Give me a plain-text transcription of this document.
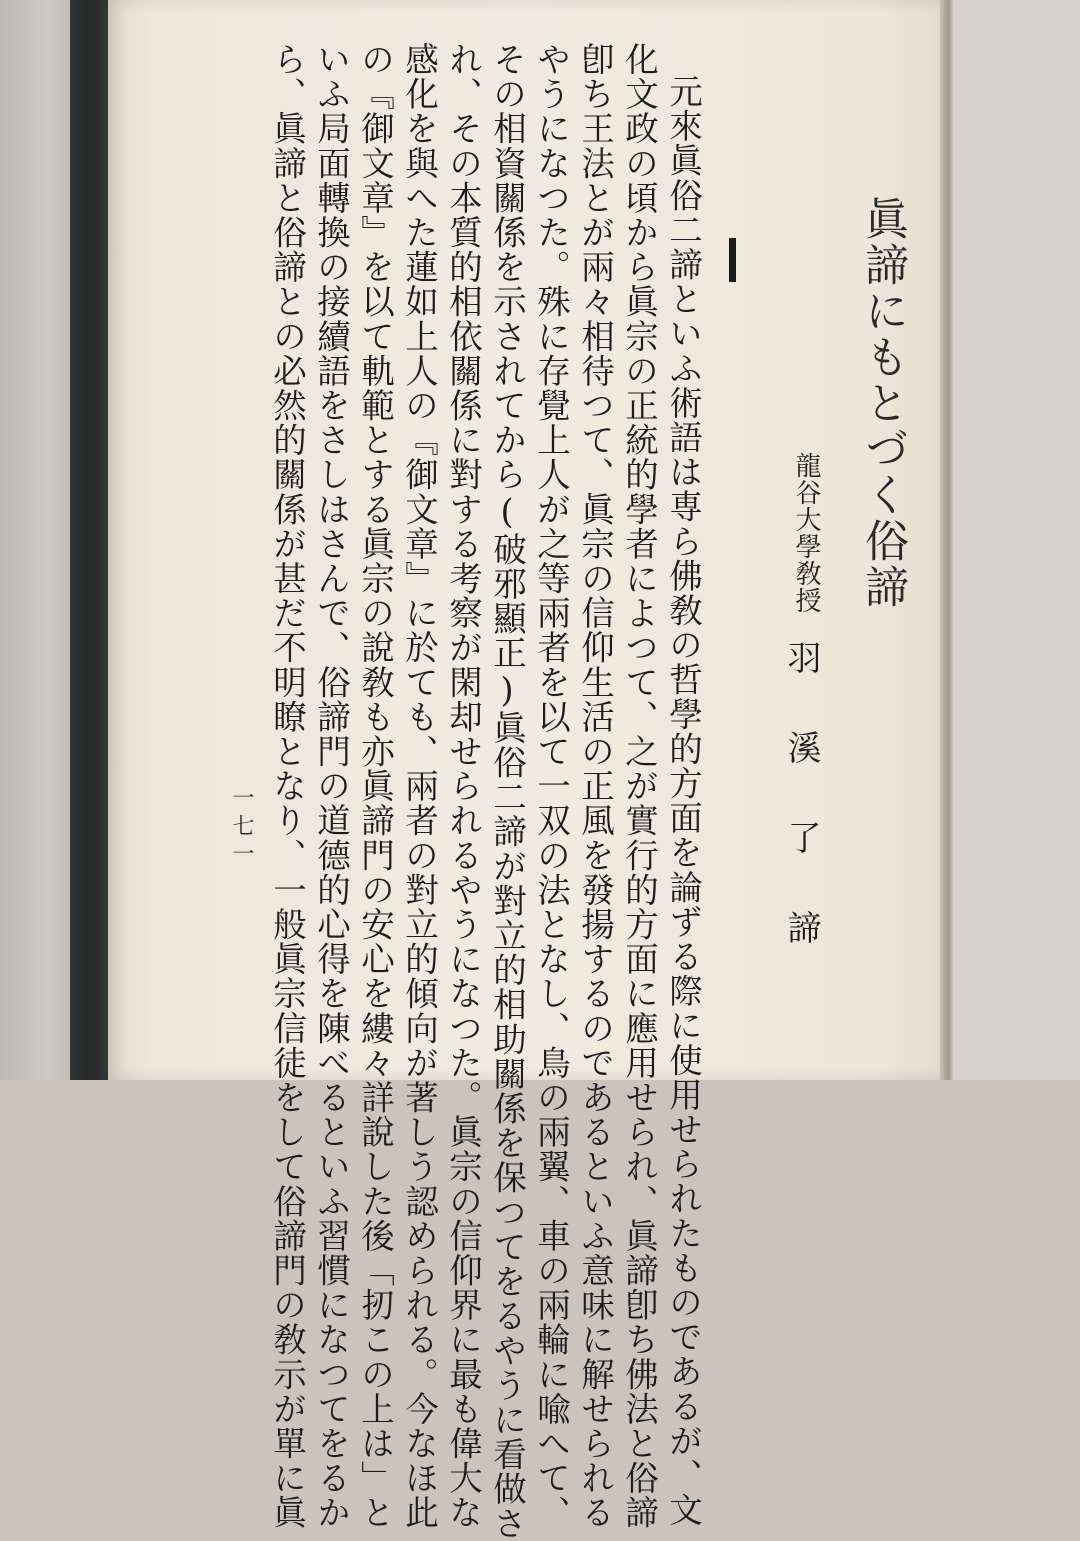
眞諦にもとづく俗諦
龍谷大學敎授
羽溪了諦
元來眞俗二諦といふ術語は専ら佛敎の哲學的方面を論ずる際に使用せられたものであるが、文
化文政の頃から眞宗の正統的學者によつて、之が實行的方面に應用せられ、眞諦卽ち佛法と俗諦
卽ち王法とが兩々相待つて、眞宗の信仰生活の正風を發揚するのであるといふ意味に解せられる
やうになつた。殊に存覺上人が之等兩者を以て一双の法となし、鳥の兩翼、車の兩輪に喩へて、
その相資關係を示されてから(破邪顯正)眞俗二諦が對立的相助關係を保つてをるやうに看做さ
れ、その本質的相依關係に對する考察が閑却せられるやうになつた。眞宗の信仰界に最も偉大な
感化を與へた蓮如上人の『御文章』に於ても、兩者の對立的傾向が著しう認められる。今なほ此
の『御文章』を以て軌範とする眞宗の說敎も亦眞諦門の安心を縷々詳說した後「扨この上は」と
いふ局面轉換の接續語をさしはさんで、俗諦門の道德的心得を陳べるといふ習慣になつてをるか
ら、眞諦と俗諦との必然的關係が甚だ不明瞭となり、一般眞宗信徒をして俗諦門の敎示が單に眞
一七一
